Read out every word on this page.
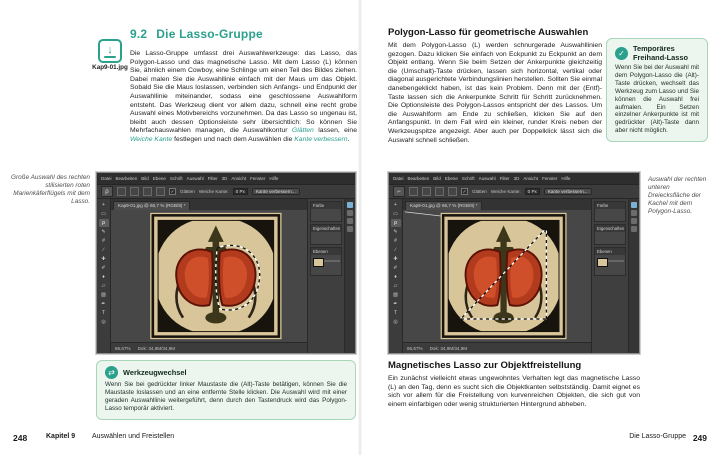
↓
Kap9-01.jpg
9.2 Die Lasso-Gruppe
Die Lasso-Gruppe umfasst drei Auswahlwerkzeuge: das Lasso, das Polygon-Lasso und das magnetische Lasso. Mit dem Lasso (L) können Sie, ähnlich einem Cowboy, eine Schlinge um einen Teil des Bildes ziehen. Dabei malen Sie die Auswahllinie einfach mit der Maus um das Objekt. Sobald Sie die Maus loslassen, verbinden sich Anfangs- und Endpunkt der Auswahllinie miteinander, sodass eine geschlossene Auswahlform entsteht. Das Werkzeug dient vor allem dazu, schnell eine recht grobe Auswahl eines Motivbereichs vorzunehmen. Da das Lasso so ungenau ist, bleibt auch dessen Optionsleiste sehr übersichtlich: So können Sie Mehrfachauswahlen managen, die Auswahlkontur Glätten lassen, eine Weiche Kante festlegen und nach dem Auswählen die Kante verbessern.
Große Auswahl des rechten stilisierten roten Marienkäferflügels mit dem Lasso.
Datei Bearbeiten Bild Ebene Schrift Auswahl Filter 3D Ansicht Fenster Hilfe
ρ	✓	Glätten Weiche Kante:	0 Px	Kante verbessern...
+
▭
ρ
✎
#
∕
✚
✐
♦
▱
▨
✒
T
◎
Kap9-01.jpg @ 66,7 % (RGB/8) *
66,67% Dok: 34,9M/34,9M
Farbe
Eigenschaften
Ebenen
⇄	Werkzeugwechsel
Wenn Sie bei gedrückter linker Maustaste die (Alt)-Taste betätigen, können Sie die Maustaste loslassen und an eine entfernte Stelle klicken. Die Auswahl wird mit einer geraden Auswahllinie weitergeführt, denn durch den Tastendruck wird das Polygon-Lasso temporär aktiviert.
248	Kapitel 9 Auswählen und Freistellen
Polygon-Lasso für geometrische Auswahlen
Mit dem Polygon-Lasso (L) werden schnurgerade Auswahllinien gezogen. Dazu klicken Sie einfach von Eckpunkt zu Eckpunkt an dem Objekt entlang. Wenn Sie beim Setzen der Ankerpunkte gleichzeitig die (Umschalt)-Taste drücken, lassen sich horizontal, vertikal oder diagonal ausgerichtete Verbindungslinien herstellen. Sollten Sie einmal danebengeklickt haben, ist das kein Problem. Denn mit der (Entf)-Taste lassen sich die Ankerpunkte Schritt für Schritt zurücknehmen. Die Optionsleiste des Polygon-Lassos entspricht der des Lassos. Um die Auswahlform am Ende zu schließen, klicken Sie auf den Anfangspunkt. In dem Fall wird ein kleiner, runder Kreis neben der Werkzeugspitze angezeigt. Aber auch per Doppelklick lässt sich die Auswahl schnell schließen.
✓	Temporäres Freihand-Lasso
Wenn Sie bei der Auswahl mit dem Polygon-Lasso die (Alt)-Taste drücken, wechselt das Werkzeug zum Lasso und Sie können die Auswahl frei aufmalen. Ein Setzen einzelner Ankerpunkte ist mit gedrückter (Alt)-Taste dann aber nicht möglich.
Datei Bearbeiten Bild Ebene Schrift Auswahl Filter 3D Ansicht Fenster Hilfe
⌐	✓	Glätten Weiche Kante:	0 Px	Kante verbessern...
+
▭
ρ
✎
#
∕
✚
✐
♦
▱
▨
✒
T
◎
Kap9-01.jpg @ 66,7 % (RGB/8) *
66,67% Dok: 34,9M/34,9M
Farbe
Eigenschaften
Ebenen
Auswahl der rechten unteren Dreiecksfläche der Kachel mit dem Polygon-Lasso.
Magnetisches Lasso zur Objektfreistellung
Ein zunächst vielleicht etwas ungewohntes Verhalten legt das magnetische Lasso (L) an den Tag, denn es sucht sich die Objektkanten selbstständig. Damit eignet es sich vor allem für die Freistellung von kurvenreichen Objekten, die sich gut von einem einfarbigen oder wenig strukturierten Hintergrund abheben.
Die Lasso-Gruppe 249
